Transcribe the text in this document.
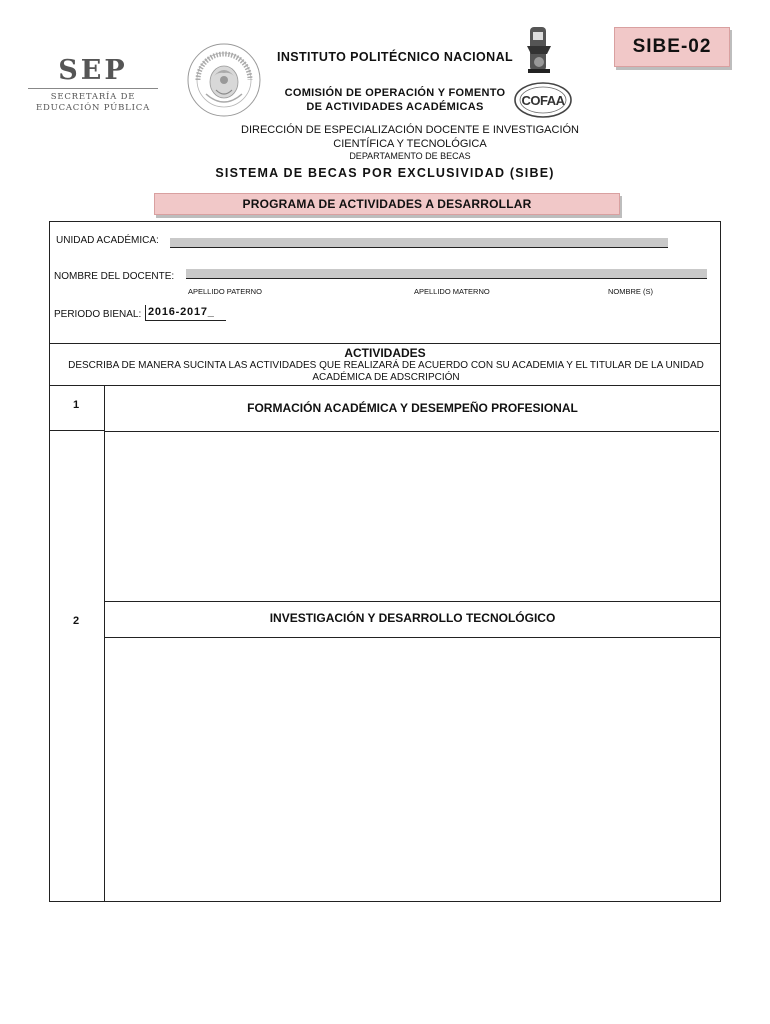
SEP
SECRETARÍA DE
EDUCACIÓN PÚBLICA	COFAA
INSTITUTO POLITÉCNICO NACIONAL
COMISIÓN DE OPERACIÓN Y FOMENTO
DE ACTIVIDADES ACADÉMICAS
DIRECCIÓN DE ESPECIALIZACIÓN DOCENTE E INVESTIGACIÓN
CIENTÍFICA Y TECNOLÓGICA
DEPARTAMENTO DE BECAS
SIBE-02
SISTEMA DE BECAS POR EXCLUSIVIDAD (SIBE)
PROGRAMA DE ACTIVIDADES A DESARROLLAR
UNIDAD ACADÉMICA:
NOMBRE DEL DOCENTE:
APELLIDO PATERNO	APELLIDO MATERNO	NOMBRE (S)
PERIODO BIENAL: 2016-2017_
ACTIVIDADES
DESCRIBA DE MANERA SUCINTA LAS ACTIVIDADES QUE REALIZARÁ DE ACUERDO CON SU ACADEMIA Y EL TITULAR DE LA UNIDAD ACADÉMICA DE ADSCRIPCIÓN
1	FORMACIÓN ACADÉMICA Y DESEMPEÑO PROFESIONAL
2	INVESTIGACIÓN Y DESARROLLO TECNOLÓGICO
